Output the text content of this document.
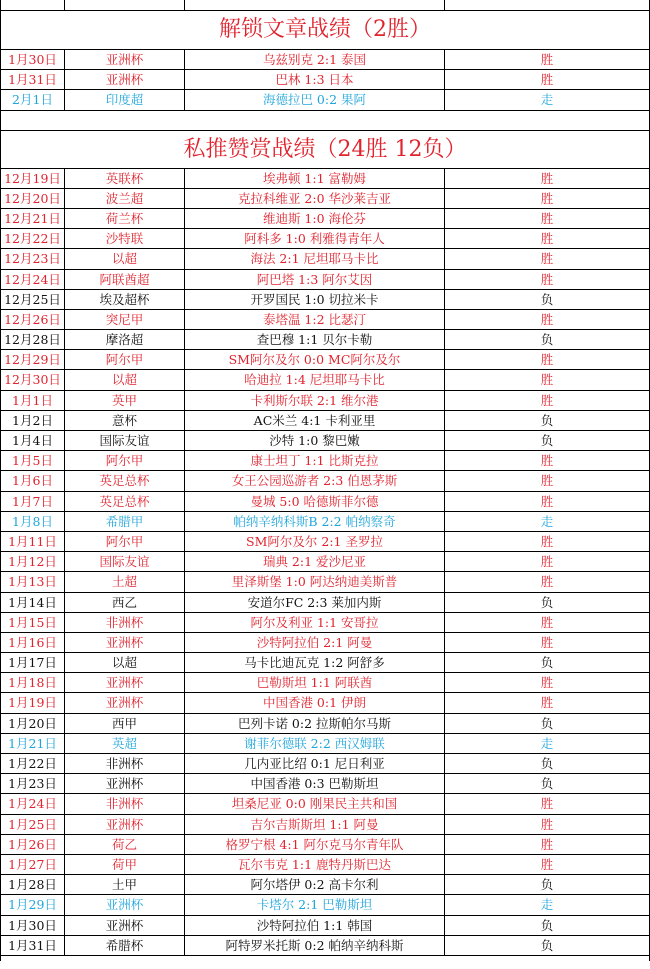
解锁文章战绩（2胜）
1月30日	亚洲杯	乌兹别克 2:1 泰国	胜
1月31日	亚洲杯	巴林 1:3 日本	胜
2月1日	印度超	海德拉巴 0:2 果阿	走
私推赞赏战绩（24胜 12负）
12月19日	英联杯	埃弗顿 1:1 富勒姆	胜
12月20日	波兰超	克拉科维亚 2:0 华沙莱吉亚	胜
12月21日	荷兰杯	维迪斯 1:0 海伦芬	胜
12月22日	沙特联	阿科多 1:0 利雅得青年人	胜
12月23日	以超	海法 2:1 尼坦耶马卡比	胜
12月24日	阿联酋超	阿巴塔 1:3 阿尔艾因	胜
12月25日	埃及超杯	开罗国民 1:0 切拉米卡	负
12月26日	突尼甲	泰塔温 1:2 比瑟汀	胜
12月28日	摩洛超	查巴穆 1:1 贝尔卡勒	负
12月29日	阿尔甲	SM阿尔及尔 0:0 MC阿尔及尔	胜
12月30日	以超	哈迪拉 1:4 尼坦耶马卡比	胜
1月1日	英甲	卡利斯尔联 2:1 维尔港	胜
1月2日	意杯	AC米兰 4:1 卡利亚里	负
1月4日	国际友谊	沙特 1:0 黎巴嫩	负
1月5日	阿尔甲	康士坦丁 1:1 比斯克拉	胜
1月6日	英足总杯	女王公园巡游者 2:3 伯恩茅斯	胜
1月7日	英足总杯	曼城 5:0 哈德斯菲尔德	胜
1月8日	希腊甲	帕纳辛纳科斯B 2:2 帕纳察奇	走
1月11日	阿尔甲	SM阿尔及尔 2:1 圣罗拉	胜
1月12日	国际友谊	瑞典 2:1 爱沙尼亚	胜
1月13日	土超	里泽斯堡 1:0 阿达纳迪美斯普	胜
1月14日	西乙	安道尔FC 2:3 莱加内斯	负
1月15日	非洲杯	阿尔及利亚 1:1 安哥拉	胜
1月16日	亚洲杯	沙特阿拉伯 2:1 阿曼	胜
1月17日	以超	马卡比迪瓦克 1:2 阿舒多	负
1月18日	亚洲杯	巴勒斯坦 1:1 阿联酋	胜
1月19日	亚洲杯	中国香港 0:1 伊朗	胜
1月20日	西甲	巴列卡诺 0:2 拉斯帕尔马斯	负
1月21日	英超	谢菲尔德联 2:2 西汉姆联	走
1月22日	非洲杯	几内亚比绍 0:1 尼日利亚	负
1月23日	亚洲杯	中国香港 0:3 巴勒斯坦	负
1月24日	非洲杯	坦桑尼亚 0:0 刚果民主共和国	胜
1月25日	亚洲杯	吉尔吉斯斯坦 1:1 阿曼	胜
1月26日	荷乙	格罗宁根 4:1 阿尔克马尔青年队	胜
1月27日	荷甲	瓦尔韦克 1:1 鹿特丹斯巴达	胜
1月28日	土甲	阿尔塔伊 0:2 高卡尔利	负
1月29日	亚洲杯	卡塔尔 2:1 巴勒斯坦	走
1月30日	亚洲杯	沙特阿拉伯 1:1 韩国	负
1月31日	希腊杯	阿特罗米托斯 0:2 帕纳辛纳科斯	负
